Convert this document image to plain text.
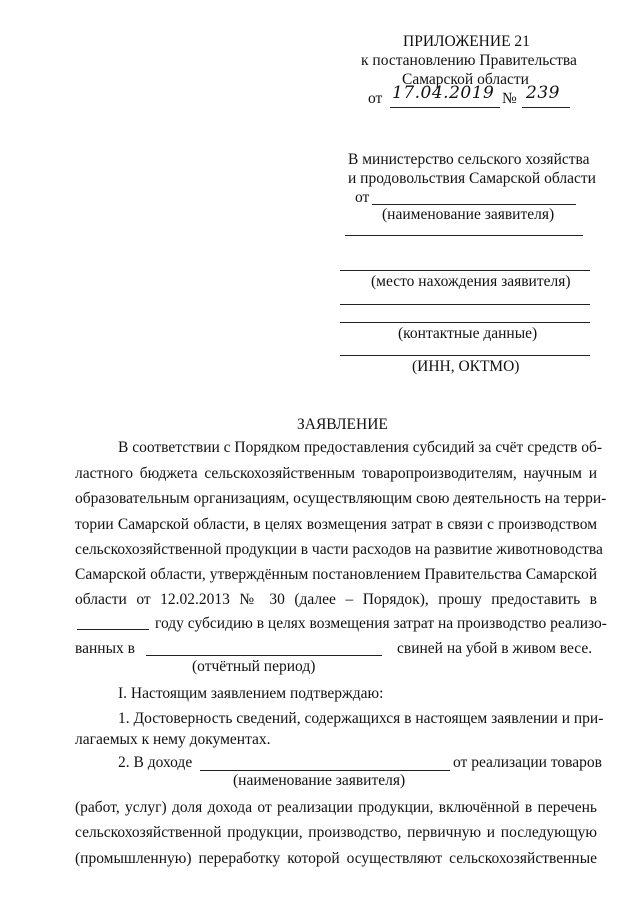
ПРИЛОЖЕНИЕ 21
к постановлению Правительства
Самарской области
от 17.04.2019 № 239
В министерство сельского хозяйства
и продовольствия Самарской области
от
(наименование заявителя)
(место нахождения заявителя)
(контактные данные)
(ИНН, ОКТМО)
ЗАЯВЛЕНИЕ
В соответствии с Порядком предоставления субсидий за счёт средств об-
ластного бюджета сельскохозяйственным товаропроизводителям, научным и
образовательным организациям, осуществляющим свою деятельность на терри-
тории Самарской области, в целях возмещения затрат в связи с производством
сельскохозяйственной продукции в части расходов на развитие животноводства
Самарской области, утверждённым постановлением Правительства Самарской
области от 12.02.2013 № 30 (далее – Порядок), прошу предоставить в
году субсидию в целях возмещения затрат на производство реализо-
ванных в	свиней на убой в живом весе.
(отчётный период)
I. Настоящим заявлением подтверждаю:
1. Достоверность сведений, содержащихся в настоящем заявлении и при-
лагаемых к нему документах.
2. В доходе	от реализации товаров
(наименование заявителя)
(работ, услуг) доля дохода от реализации продукции, включённой в перечень
сельскохозяйственной продукции, производство, первичную и последующую
(промышленную) переработку которой осуществляют сельскохозяйственные
